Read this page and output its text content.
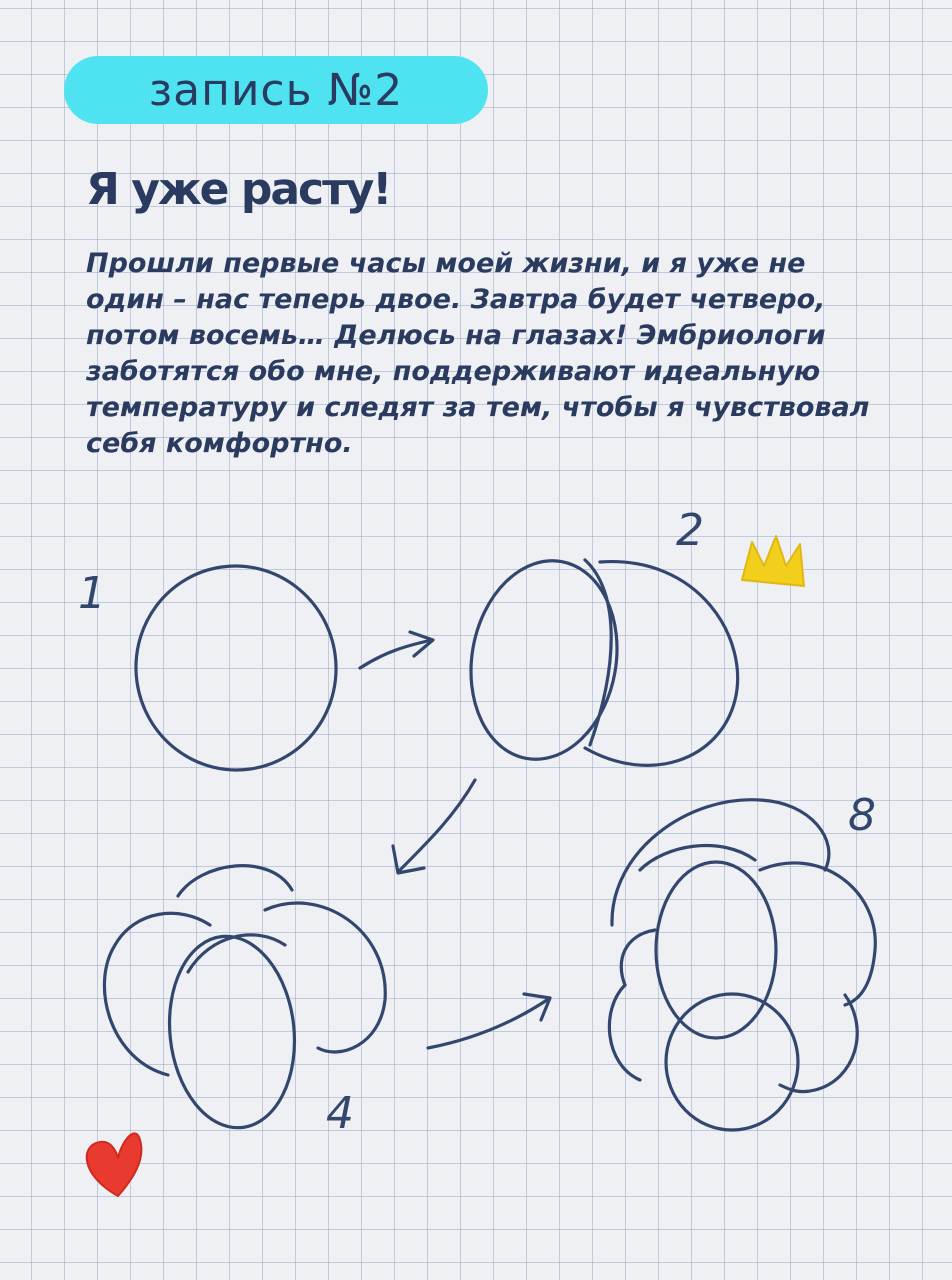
запись №2
Я уже расту!

Прошли первые часы моей жизни, и я уже не один – нас теперь двое. Завтра будет четверо, потом восемь… Делюсь на глазах! Эмбриологи заботятся обо мне, поддерживают идеальную температуру и следят за тем, чтобы я чувствовал себя комфортно.

1
2
4
8
